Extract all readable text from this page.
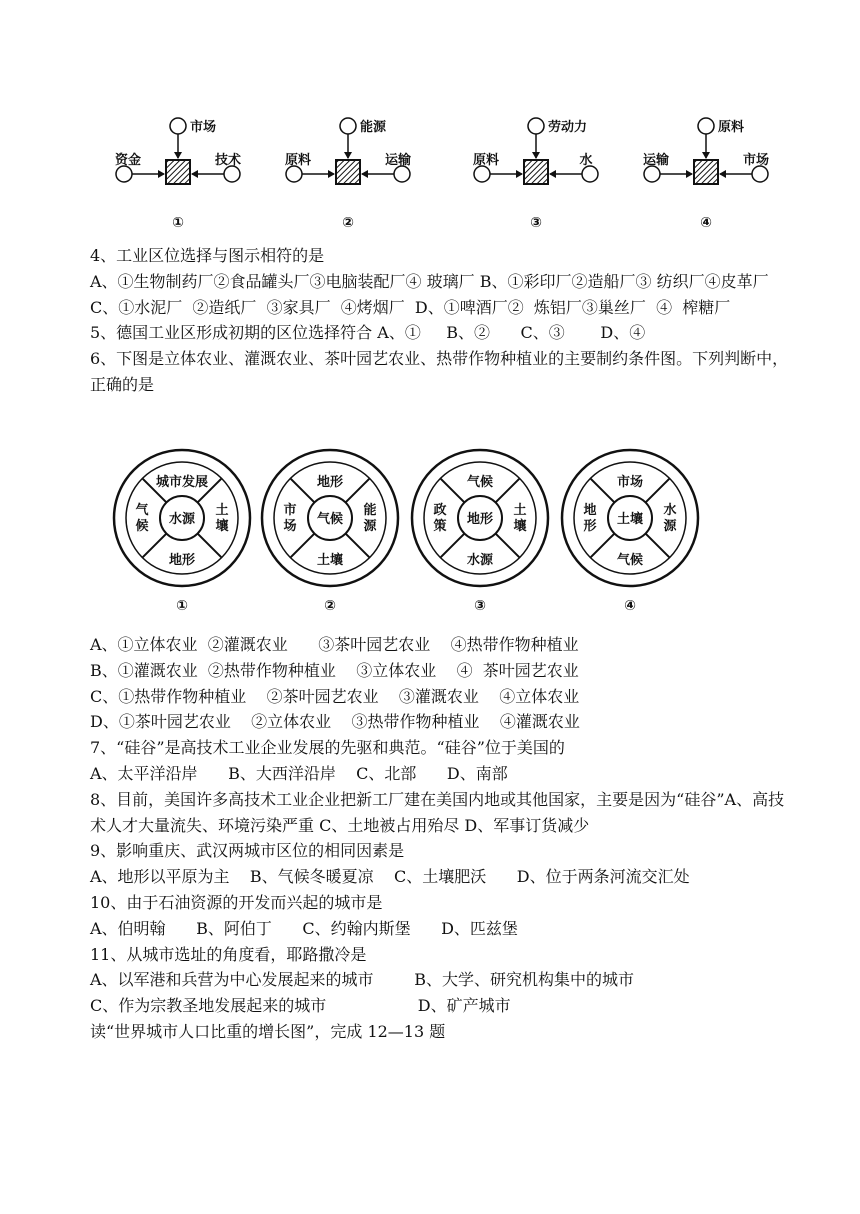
市场
资金	技术
①
能源
原料	运输
②
劳动力
原料	水
③
原料
运输	市场
④

4、工业区位选择与图示相符的是

A、①生物制药厂②食品罐头厂③电脑装配厂④ 玻璃厂 B、①彩印厂②造船厂③ 纺织厂④皮革厂

C、①水泥厂  ②造纸厂  ③家具厂  ④烤烟厂  D、①啤酒厂②  炼铝厂③巢丝厂  ④  榨糖厂

5、德国工业区形成初期的区位选择符合 A、①     B、②      C、③       D、④

6、下图是立体农业、灌溉农业、茶叶园艺农业、热带作物种植业的主要制约条件图。下列判断中，正确的是

水源
城市发展
地形
气
候
土
壤
①
气候
地形
土壤
市
场
能
源
②
地形
气候
水源
政
策
土
壤
③
土壤
市场
气候
地
形
水
源
④

A、①立体农业  ②灌溉农业      ③茶叶园艺农业    ④热带作物种植业

B、①灌溉农业  ②热带作物种植业    ③立体农业    ④  茶叶园艺农业

C、①热带作物种植业    ②茶叶园艺农业    ③灌溉农业    ④立体农业

D、①茶叶园艺农业    ②立体农业    ③热带作物种植业    ④灌溉农业

7、“硅谷”是高技术工业企业发展的先驱和典范。“硅谷”位于美国的

A、太平洋沿岸      B、大西洋沿岸    C、北部      D、南部

8、目前，美国许多高技术工业企业把新工厂建在美国内地或其他国家，主要是因为“硅谷”A、高技术人才大量流失、环境污染严重 C、土地被占用殆尽 D、军事订货减少

9、影响重庆、武汉两城市区位的相同因素是

A、地形以平原为主    B、气候冬暖夏凉    C、土壤肥沃      D、位于两条河流交汇处

10、由于石油资源的开发而兴起的城市是

A、伯明翰      B、阿伯丁      C、约翰内斯堡      D、匹兹堡

11、从城市选址的角度看，耶路撒冷是

A、以军港和兵营为中心发展起来的城市        B、大学、研究机构集中的城市

C、作为宗教圣地发展起来的城市                  D、矿产城市

读“世界城市人口比重的增长图”，完成 12—13 题
